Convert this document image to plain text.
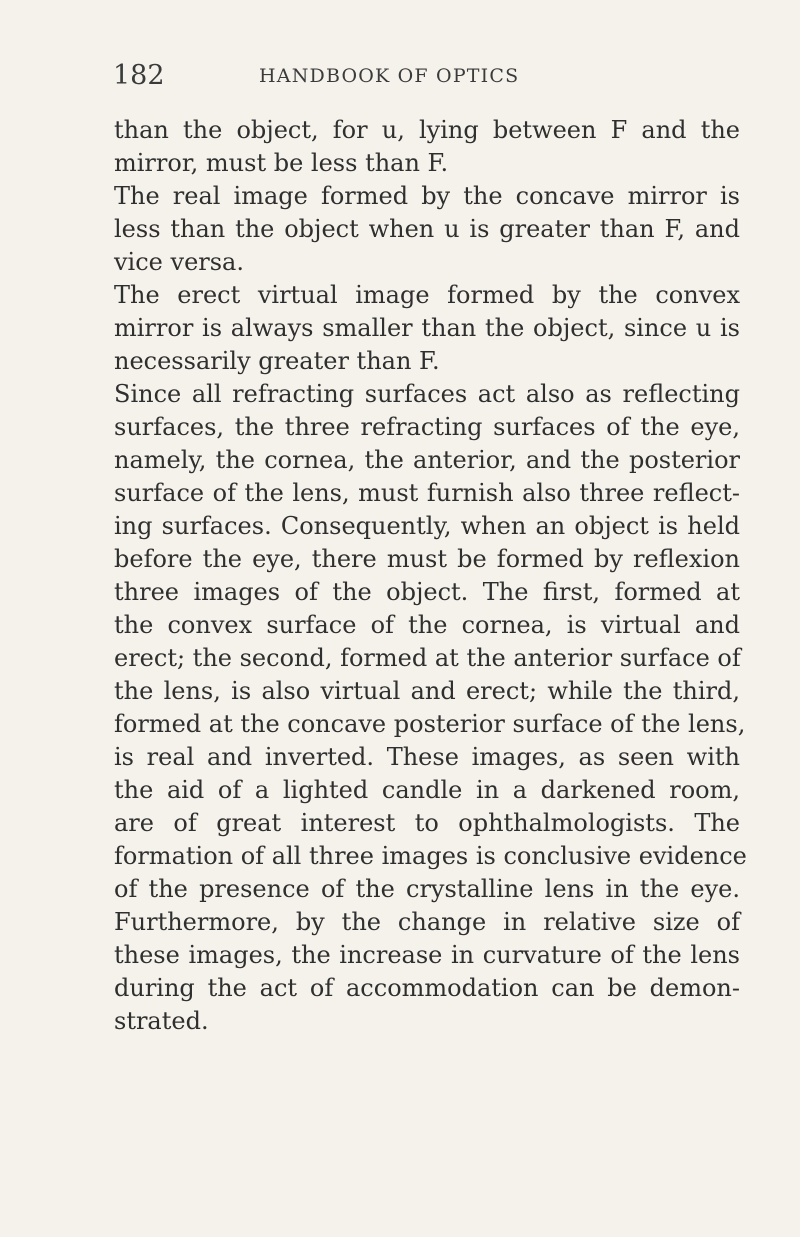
182	HANDBOOK OF OPTICS
than the object, for u, lying between F and the
mirror, must be less than F.
The real image formed by the concave mirror is
less than the object when u is greater than F, and
vice versa.
The erect virtual image formed by the convex
mirror is always smaller than the object, since u is
necessarily greater than F.
Since all refracting surfaces act also as reflecting
surfaces, the three refracting surfaces of the eye,
namely, the cornea, the anterior, and the posterior
surface of the lens, must furnish also three reflect-
ing surfaces. Consequently, when an object is held
before the eye, there must be formed by reflexion
three images of the object. The first, formed at
the convex surface of the cornea, is virtual and
erect; the second, formed at the anterior surface of
the lens, is also virtual and erect; while the third,
formed at the concave posterior surface of the lens,
is real and inverted. These images, as seen with
the aid of a lighted candle in a darkened room,
are of great interest to ophthalmologists. The
formation of all three images is conclusive evidence
of the presence of the crystalline lens in the eye.
Furthermore, by the change in relative size of
these images, the increase in curvature of the lens
during the act of accommodation can be demon-
strated.
